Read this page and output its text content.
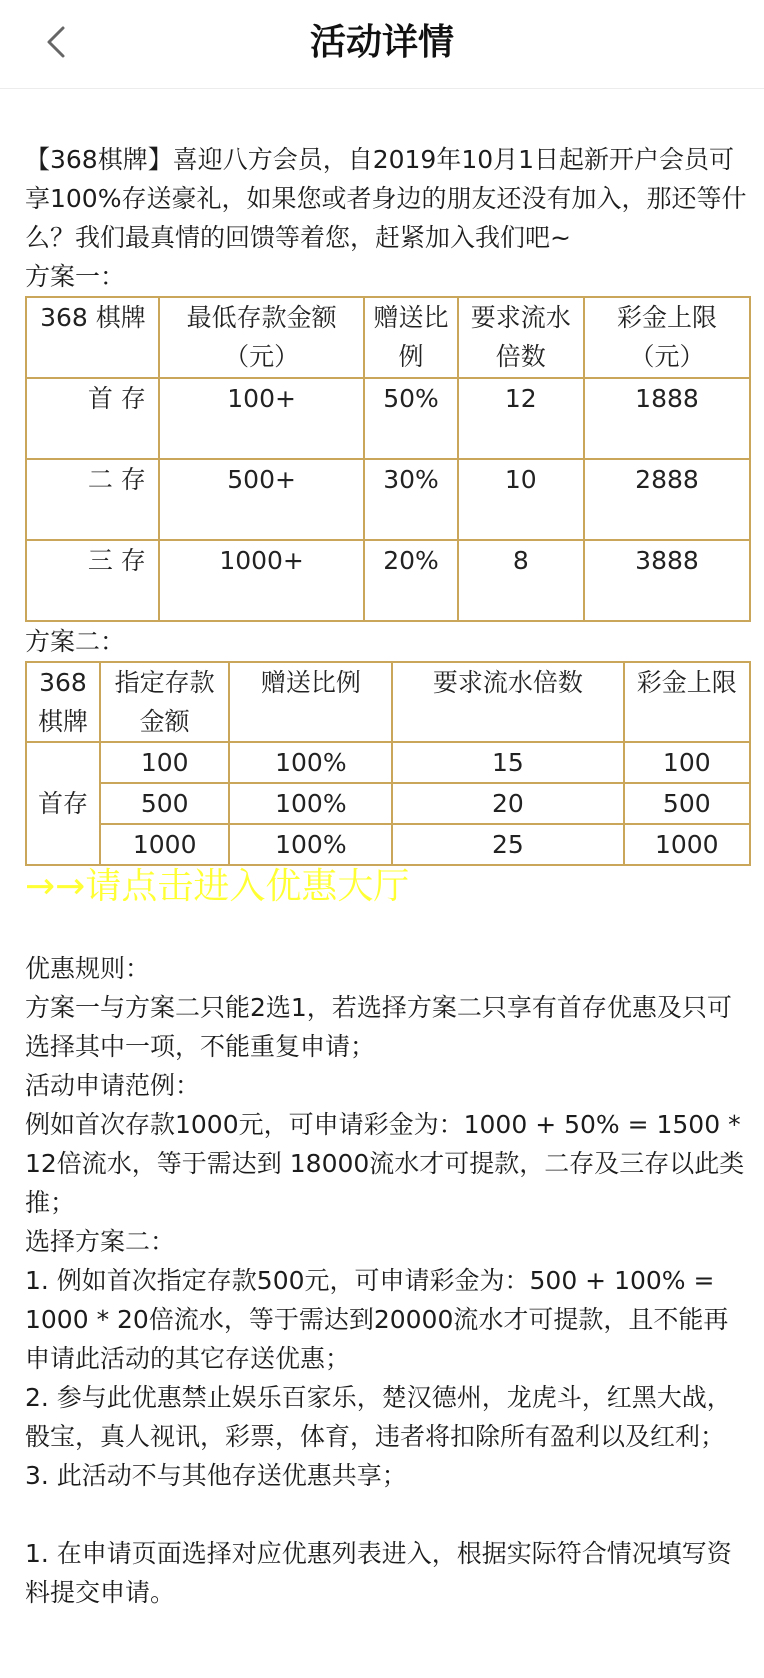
活动详情

【368棋牌】喜迎八方会员，自2019年10月1日起新开户会员可享100%存送豪礼，如果您或者身边的朋友还没有加入，那还等什么？我们最真情的回馈等着您，赶紧加入我们吧~

方案一：

368 棋牌	最低存款金额（元）	赠送比例	要求流水倍数	彩金上限（元）
首 存	100+	50%	12	1888
二 存	500+	30%	10	2888
三 存	1000+	20%	8	3888

方案二：

368 棋牌	指定存款金额	赠送比例	要求流水倍数	彩金上限
首存	100	100%	15	100
	500	100%	20	500
	1000	100%	25	1000
→→请点击进入优惠大厅

优惠规则：

方案一与方案二只能2选1，若选择方案二只享有首存优惠及只可选择其中一项，不能重复申请；

活动申请范例：

例如首次存款1000元，可申请彩金为：1000 + 50% = 1500 * 12倍流水，等于需达到 18000流水才可提款，二存及三存以此类推；

选择方案二：

1. 例如首次指定存款500元，可申请彩金为：500 + 100% = 1000 * 20倍流水，等于需达到20000流水才可提款，且不能再申请此活动的其它存送优惠；

2. 参与此优惠禁止娱乐百家乐，楚汉德州，龙虎斗，红黑大战，骰宝，真人视讯，彩票，体育，违者将扣除所有盈利以及红利；

3. 此活动不与其他存送优惠共享；

1. 在申请页面选择对应优惠列表进入，根据实际符合情况填写资料提交申请。
